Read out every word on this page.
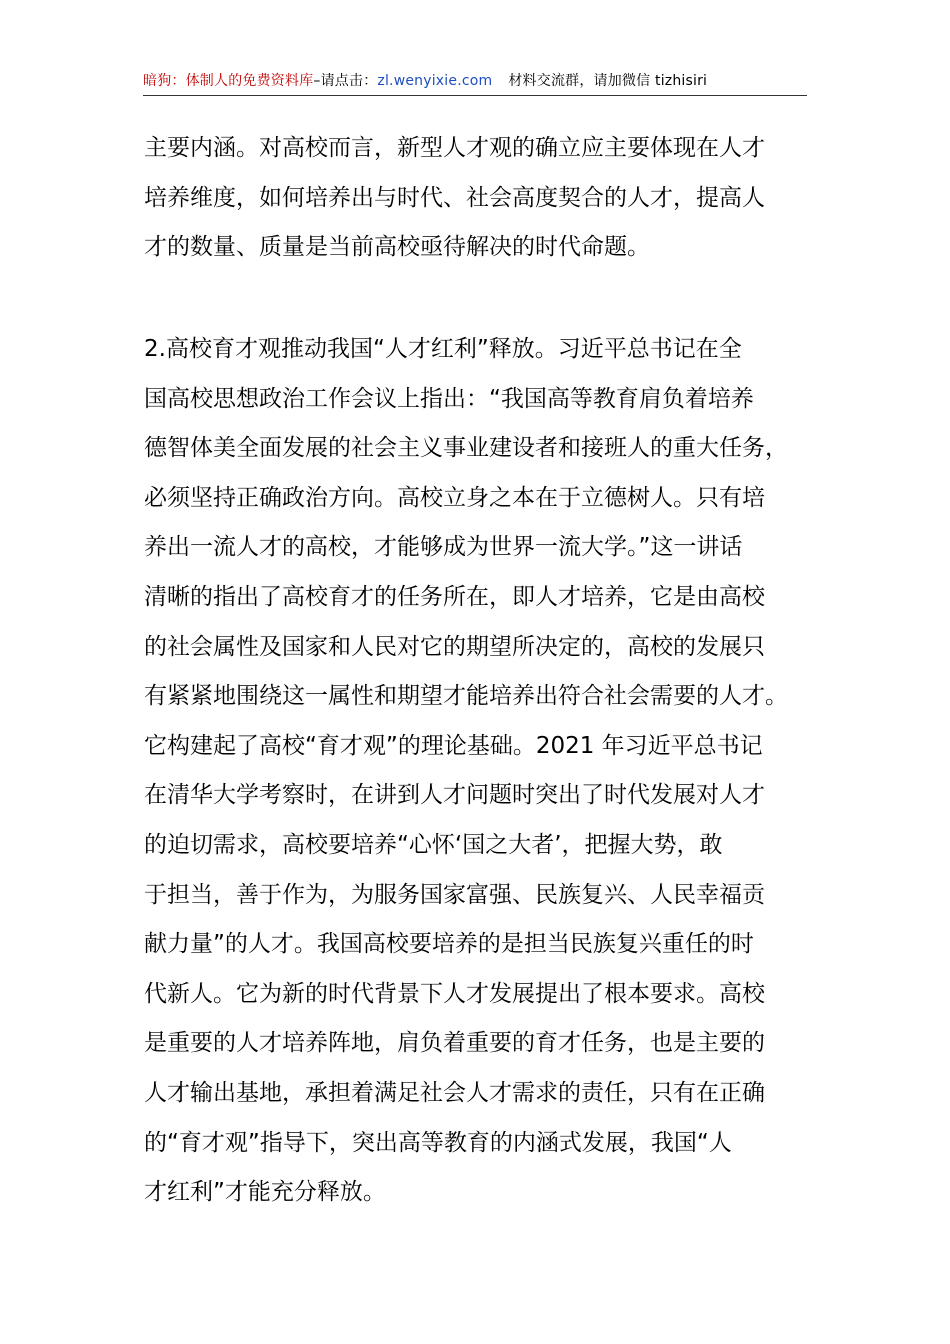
暗狗：体制人的免费资料库–请点击：zl.wenyixie.com 材料交流群，请加微信 tizhisiri
主要内涵。对高校而言，新型人才观的确立应主要体现在人才
培养维度，如何培养出与时代、社会高度契合的人才，提高人
才的数量、质量是当前高校亟待解决的时代命题。
2.高校育才观推动我国“人才红利”释放。习近平总书记在全
国高校思想政治工作会议上指出：“我国高等教育肩负着培养
德智体美全面发展的社会主义事业建设者和接班人的重大任务，
必须坚持正确政治方向。高校立身之本在于立德树人。只有培
养出一流人才的高校，才能够成为世界一流大学。”这一讲话
清晰的指出了高校育才的任务所在，即人才培养，它是由高校
的社会属性及国家和人民对它的期望所决定的，高校的发展只
有紧紧地围绕这一属性和期望才能培养出符合社会需要的人才。
它构建起了高校“育才观”的理论基础。2021 年习近平总书记
在清华大学考察时，在讲到人才问题时突出了时代发展对人才
的迫切需求，高校要培养“心怀‘国之大者’，把握大势，敢
于担当，善于作为，为服务国家富强、民族复兴、人民幸福贡
献力量”的人才。我国高校要培养的是担当民族复兴重任的时
代新人。它为新的时代背景下人才发展提出了根本要求。高校
是重要的人才培养阵地，肩负着重要的育才任务，也是主要的
人才输出基地，承担着满足社会人才需求的责任，只有在正确
的“育才观”指导下，突出高等教育的内涵式发展，我国“人
才红利”才能充分释放。
